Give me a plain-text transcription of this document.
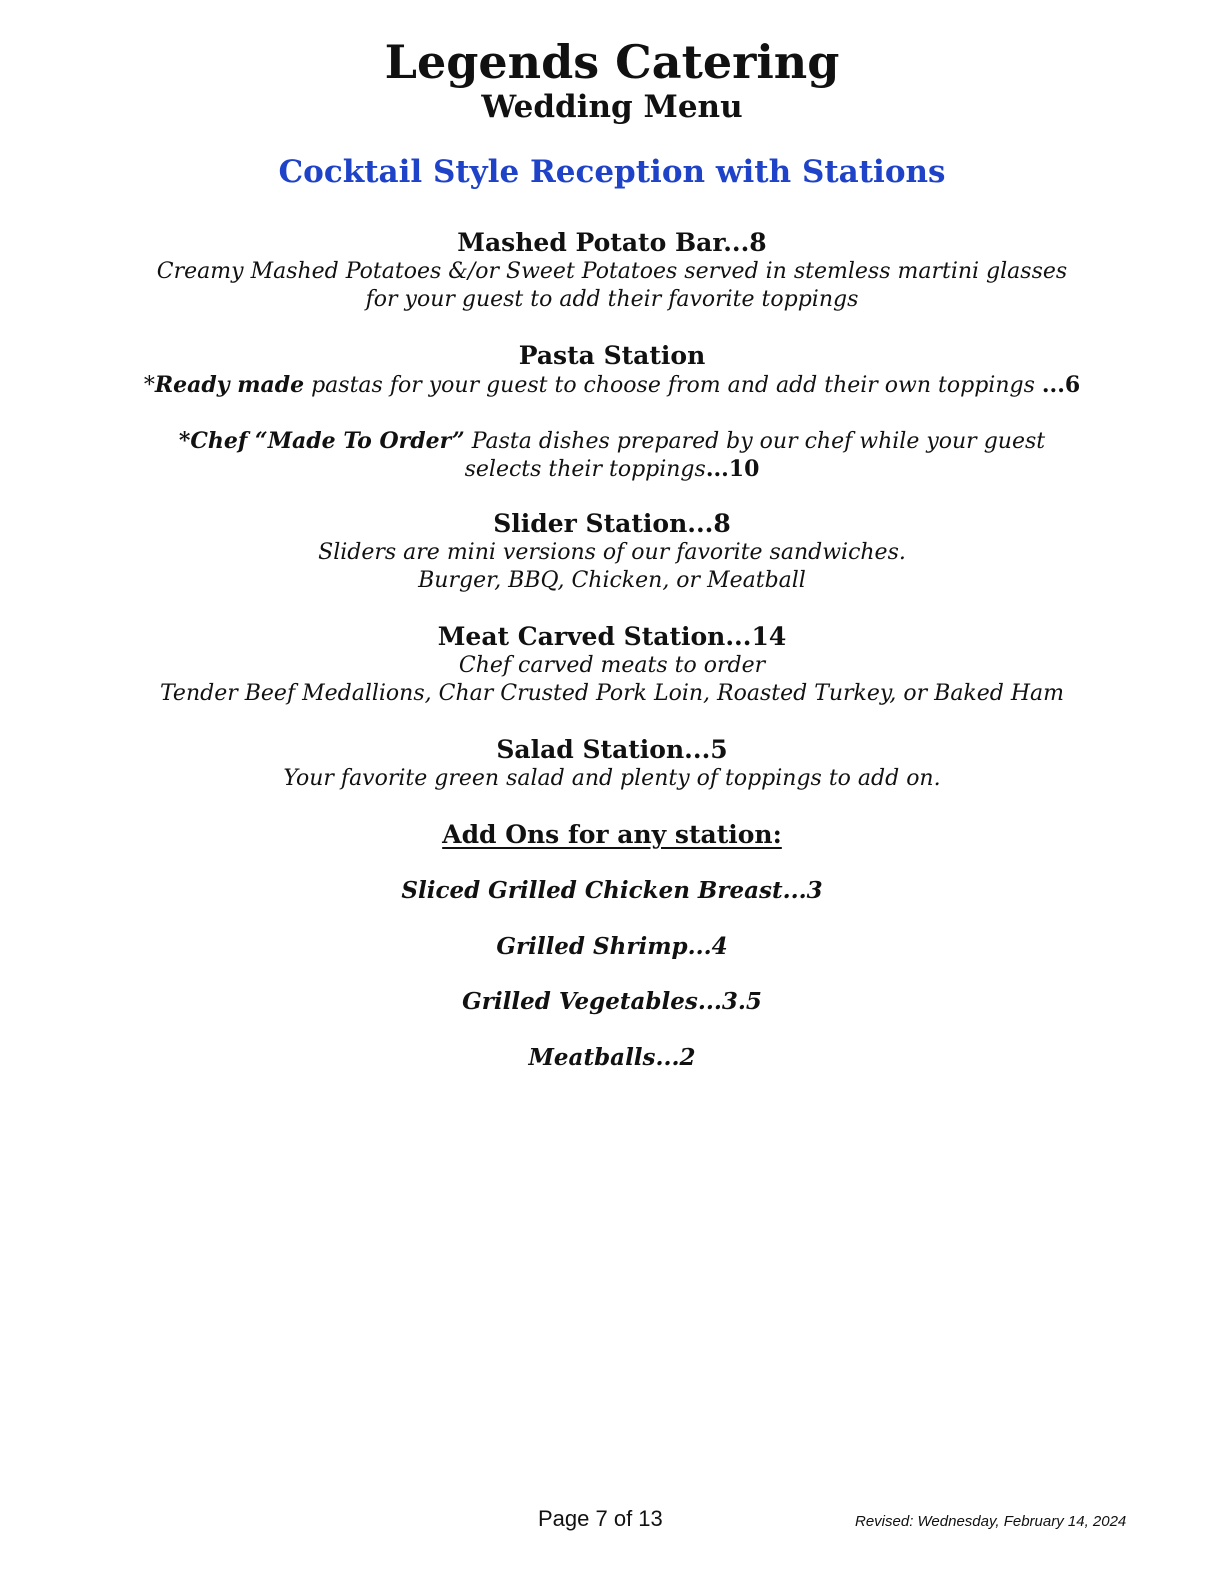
Legends Catering
Wedding Menu
Cocktail Style Reception with Stations
Mashed Potato Bar...8
Creamy Mashed Potatoes &/or Sweet Potatoes served in stemless martini glasses
for your guest to add their favorite toppings
Pasta Station
*Ready made pastas for your guest to choose from and add their own toppings ...6
*Chef “Made To Order” Pasta dishes prepared by our chef while your guest
selects their toppings...10
Slider Station...8
Sliders are mini versions of our favorite sandwiches.
Burger, BBQ, Chicken, or Meatball
Meat Carved Station...14
Chef carved meats to order
Tender Beef Medallions, Char Crusted Pork Loin, Roasted Turkey, or Baked Ham
Salad Station...5
Your favorite green salad and plenty of toppings to add on.
Add Ons for any station:
Sliced Grilled Chicken Breast...3
Grilled Shrimp...4
Grilled Vegetables...3.5
Meatballs...2
Page 7 of 13	Revised: Wednesday, February 14, 2024
